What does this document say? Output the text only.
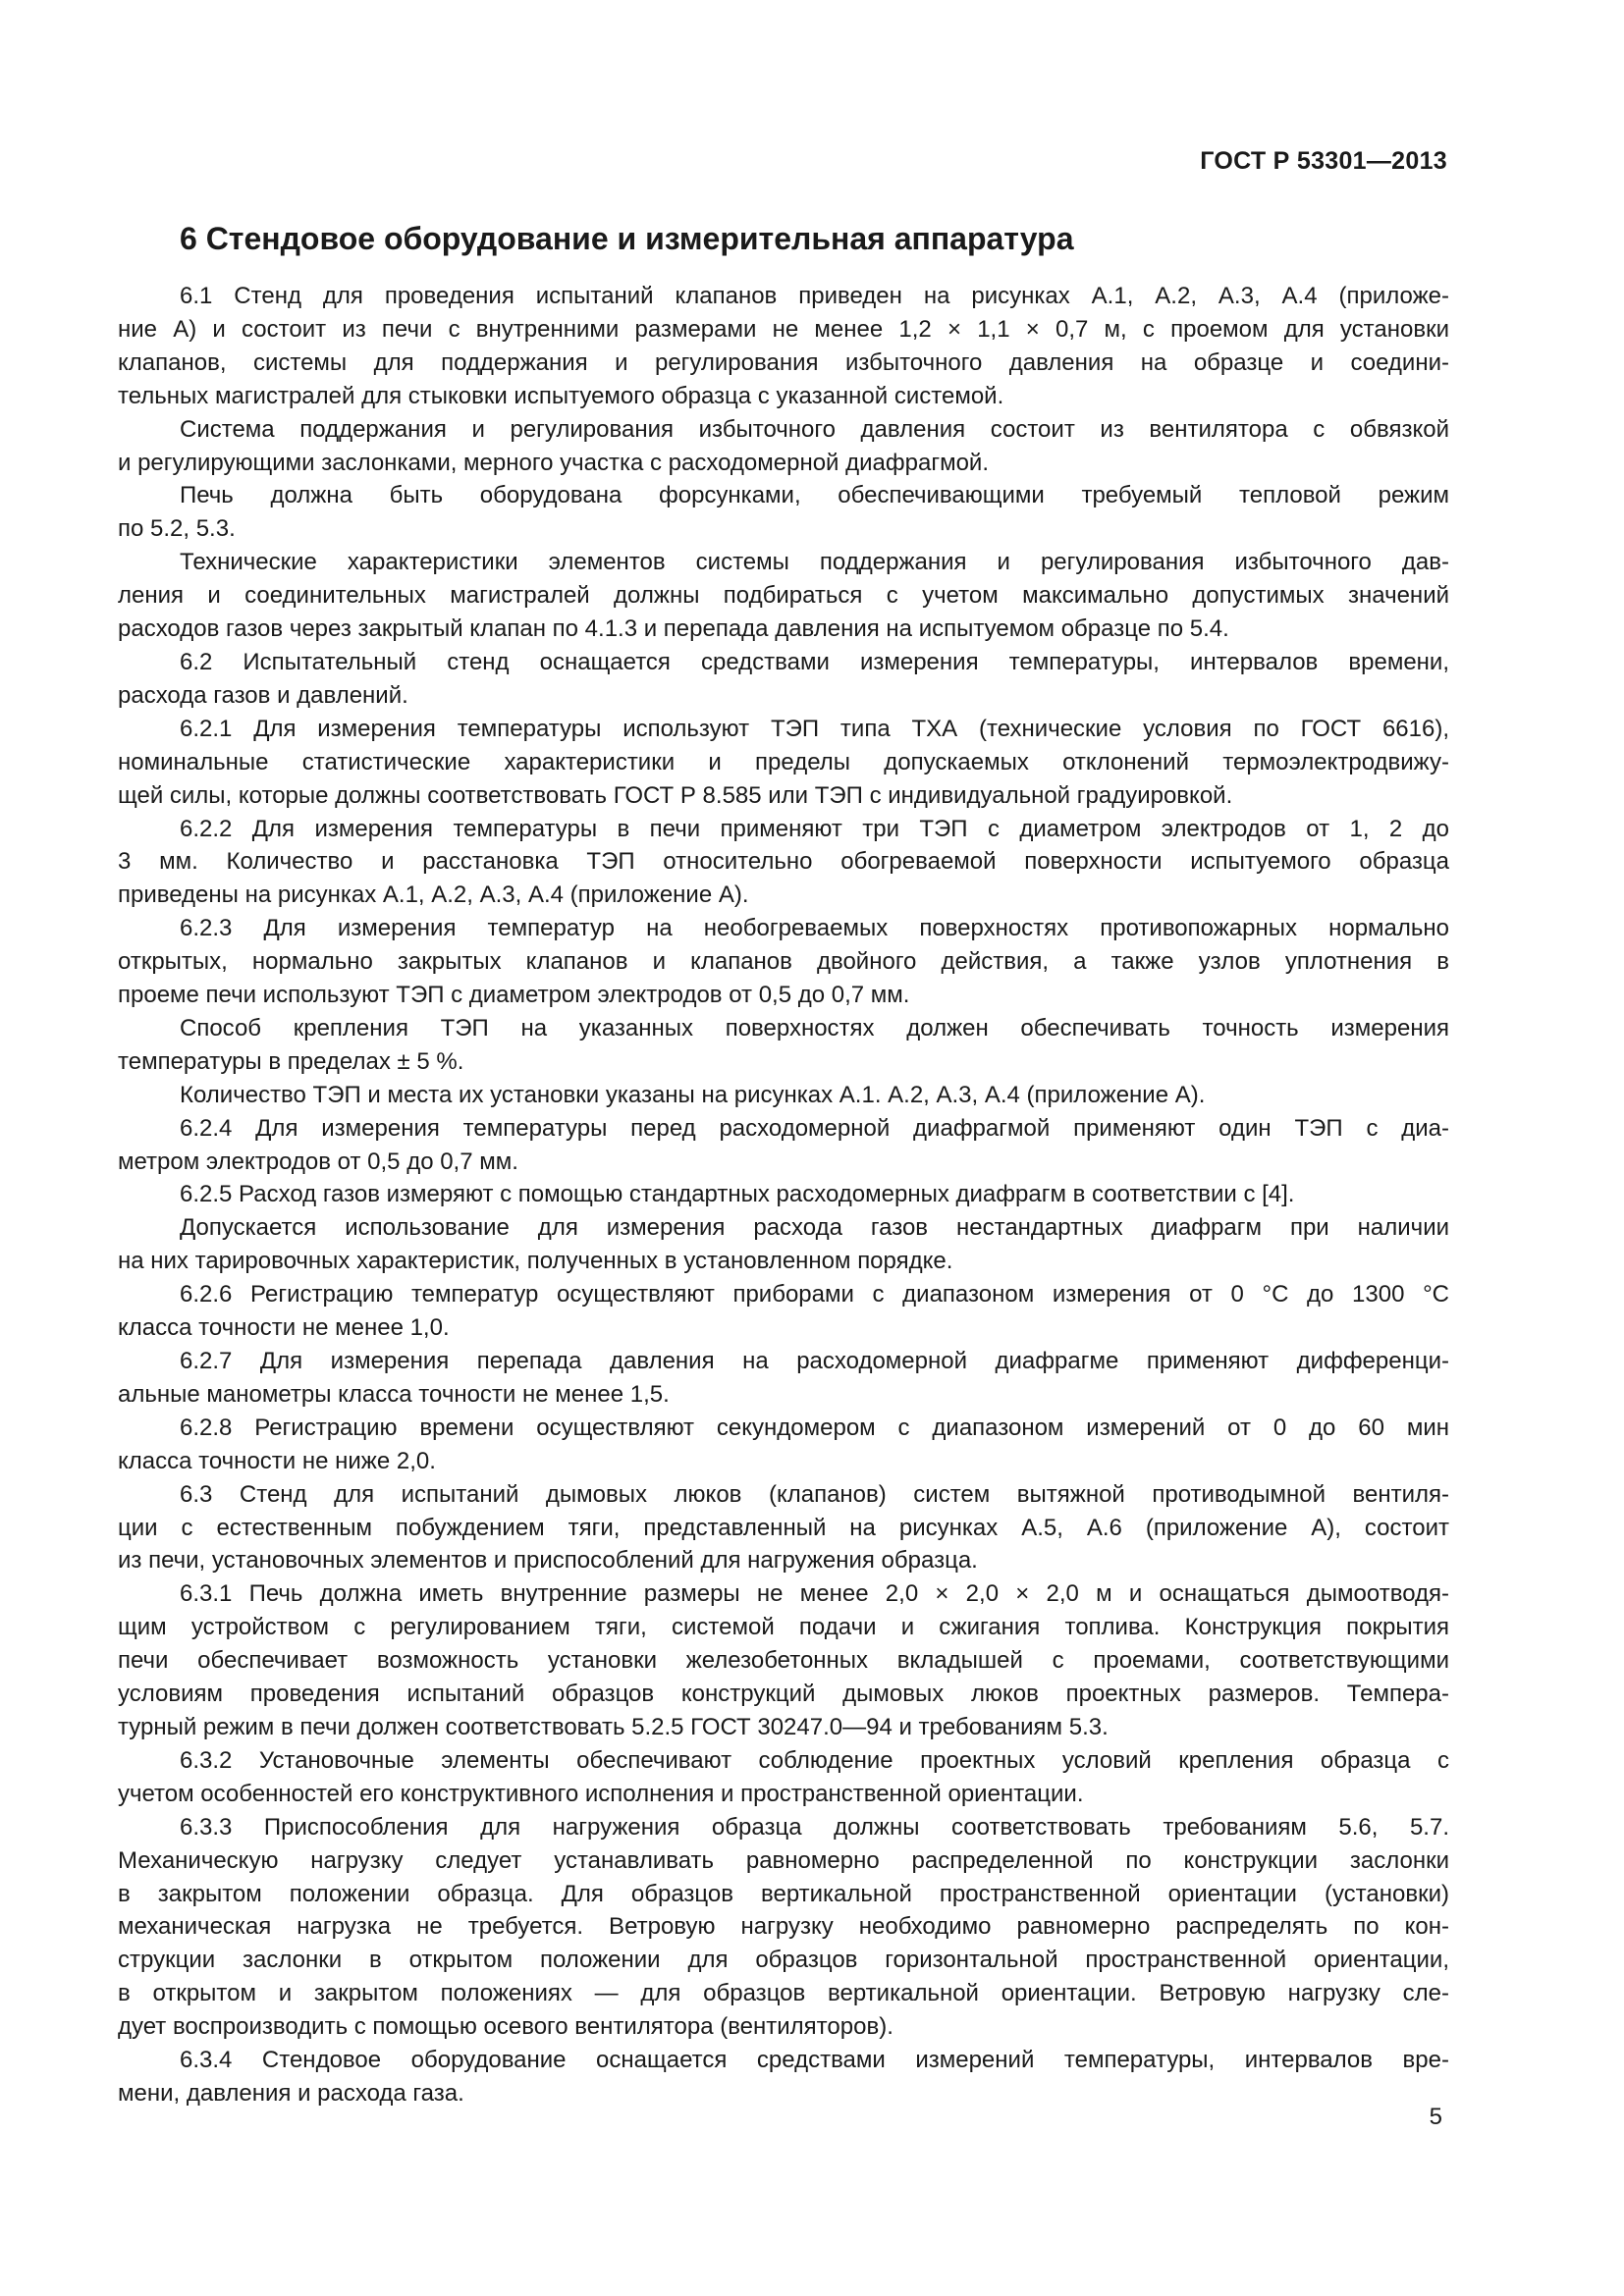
ГОСТ Р 53301—2013
6 Стендовое оборудование и измерительная аппаратура
6.1 Стенд для проведения испытаний клапанов приведен на рисунках А.1, А.2, А.3, А.4 (приложе-
ние А) и состоит из печи с внутренними размерами не менее 1,2 × 1,1 × 0,7 м, с проемом для установки
клапанов, системы для поддержания и регулирования избыточного давления на образце и соедини-
тельных магистралей для стыковки испытуемого образца с указанной системой.
Система поддержания и регулирования избыточного давления состоит из вентилятора с обвязкой
и регулирующими заслонками, мерного участка с расходомерной диафрагмой.
Печь должна быть оборудована форсунками, обеспечивающими требуемый тепловой режим
по 5.2, 5.3.
Технические характеристики элементов системы поддержания и регулирования избыточного дав-
ления и соединительных магистралей должны подбираться с учетом максимально допустимых значений
расходов газов через закрытый клапан по 4.1.3 и перепада давления на испытуемом образце по 5.4.
6.2 Испытательный стенд оснащается средствами измерения температуры, интервалов времени,
расхода газов и давлений.
6.2.1 Для измерения температуры используют ТЭП типа ТХА (технические условия по ГОСТ 6616),
номинальные статистические характеристики и пределы допускаемых отклонений термоэлектродвижу-
щей силы, которые должны соответствовать ГОСТ Р 8.585 или ТЭП с индивидуальной градуировкой.
6.2.2 Для измерения температуры в печи применяют три ТЭП с диаметром электродов от 1, 2 до
3 мм. Количество и расстановка ТЭП относительно обогреваемой поверхности испытуемого образца
приведены на рисунках А.1, А.2, А.3, А.4 (приложение А).
6.2.3 Для измерения температур на необогреваемых поверхностях противопожарных нормально
открытых, нормально закрытых клапанов и клапанов двойного действия, а также узлов уплотнения в
проеме печи используют ТЭП с диаметром электродов от 0,5 до 0,7 мм.
Способ крепления ТЭП на указанных поверхностях должен обеспечивать точность измерения
температуры в пределах ± 5 %.
Количество ТЭП и места их установки указаны на рисунках А.1. А.2, А.3, А.4 (приложение А).
6.2.4 Для измерения температуры перед расходомерной диафрагмой применяют один ТЭП с диа-
метром электродов от 0,5 до 0,7 мм.
6.2.5 Расход газов измеряют с помощью стандартных расходомерных диафрагм в соответствии с [4].
Допускается использование для измерения расхода газов нестандартных диафрагм при наличии
на них тарировочных характеристик, полученных в установленном порядке.
6.2.6 Регистрацию температур осуществляют приборами с диапазоном измерения от 0 °С до 1300 °С
класса точности не менее 1,0.
6.2.7 Для измерения перепада давления на расходомерной диафрагме применяют дифференци-
альные манометры класса точности не менее 1,5.
6.2.8 Регистрацию времени осуществляют секундомером с диапазоном измерений от 0 до 60 мин
класса точности не ниже 2,0.
6.3 Стенд для испытаний дымовых люков (клапанов) систем вытяжной противодымной вентиля-
ции с естественным побуждением тяги, представленный на рисунках А.5, А.6 (приложение А), состоит
из печи, установочных элементов и приспособлений для нагружения образца.
6.3.1 Печь должна иметь внутренние размеры не менее 2,0 × 2,0 × 2,0 м и оснащаться дымоотводя-
щим устройством с регулированием тяги, системой подачи и сжигания топлива. Конструкция покрытия
печи обеспечивает возможность установки железобетонных вкладышей с проемами, соответствующими
условиям проведения испытаний образцов конструкций дымовых люков проектных размеров. Темпера-
турный режим в печи должен соответствовать 5.2.5 ГОСТ 30247.0—94 и требованиям 5.3.
6.3.2 Установочные элементы обеспечивают соблюдение проектных условий крепления образца с
учетом особенностей его конструктивного исполнения и пространственной ориентации.
6.3.3 Приспособления для нагружения образца должны соответствовать требованиям 5.6, 5.7.
Механическую нагрузку следует устанавливать равномерно распределенной по конструкции заслонки
в закрытом положении образца. Для образцов вертикальной пространственной ориентации (установки)
механическая нагрузка не требуется. Ветровую нагрузку необходимо равномерно распределять по кон-
струкции заслонки в открытом положении для образцов горизонтальной пространственной ориентации,
в открытом и закрытом положениях — для образцов вертикальной ориентации. Ветровую нагрузку сле-
дует воспроизводить с помощью осевого вентилятора (вентиляторов).
6.3.4 Стендовое оборудование оснащается средствами измерений температуры, интервалов вре-
мени, давления и расхода газа.
5
